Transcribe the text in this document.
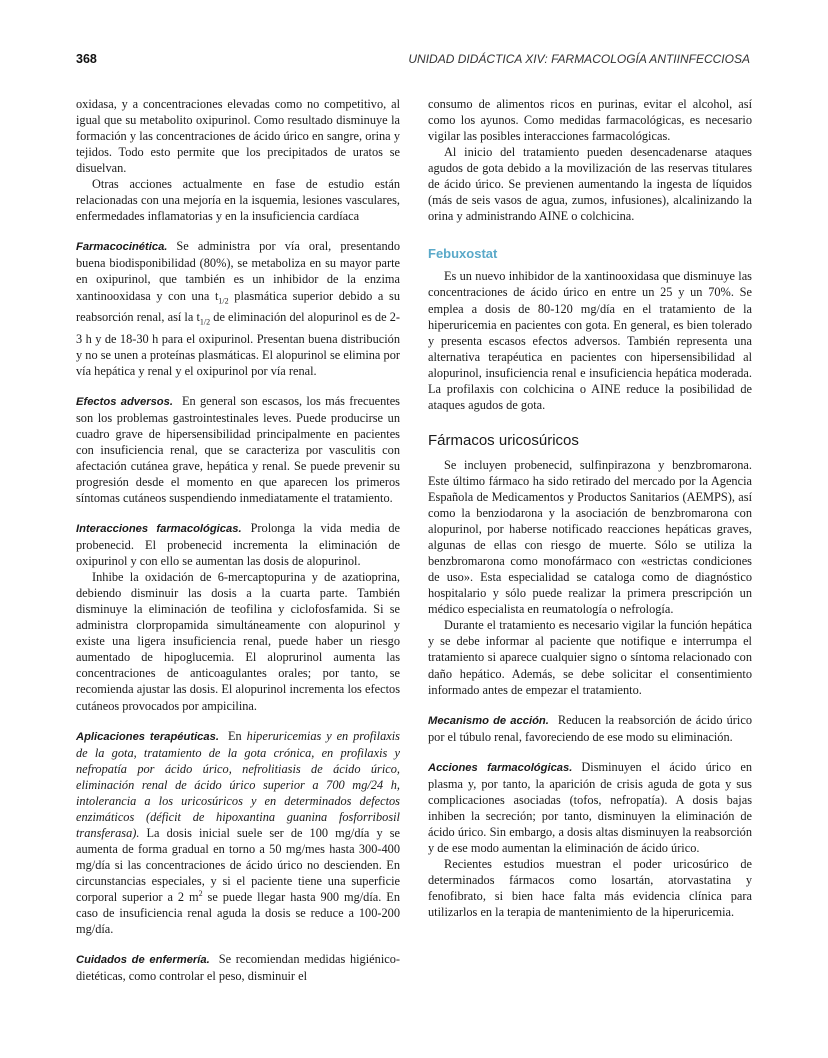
368	UNIDAD DIDÁCTICA XIV: FARMACOLOGÍA ANTIINFECCIOSA

oxidasa, y a concentraciones elevadas como no competitivo, al igual que su metabolito oxipurinol. Como resultado disminuye la formación y las concentraciones de ácido úrico en sangre, orina y tejidos. Todo esto permite que los precipitados de uratos se disuelvan.

Otras acciones actualmente en fase de estudio están relacionadas con una mejoría en la isquemia, lesiones vasculares, enfermedades inflamatorias y en la insuficiencia cardíaca

Farmacocinética. Se administra por vía oral, presentando buena biodisponibilidad (80%), se metaboliza en su mayor parte en oxipurinol, que también es un inhibidor de la enzima xantinooxidasa y con una $t_{1/2}$ plasmática superior debido a su reabsorción renal, así la $t_{1/2}$ de eliminación del alopurinol es de 2-3 h y de 18-30 h para el oxipurinol. Presentan buena distribución y no se unen a proteínas plasmáticas. El alopurinol se elimina por vía hepática y renal y el oxipurinol por vía renal.

Efectos adversos. En general son escasos, los más frecuentes son los problemas gastrointestinales leves. Puede producirse un cuadro grave de hipersensibilidad principalmente en pacientes con insuficiencia renal, que se caracteriza por vasculitis con afectación cutánea grave, hepática y renal. Se puede prevenir su progresión desde el momento en que aparecen los primeros síntomas cutáneos suspendiendo inmediatamente el tratamiento.

Interacciones farmacológicas. Prolonga la vida media de probenecid. El probenecid incrementa la eliminación de oxipurinol y con ello se aumentan las dosis de alopurinol.

Inhibe la oxidación de 6-mercaptopurina y de azatioprina, debiendo disminuir las dosis a la cuarta parte. También disminuye la eliminación de teofilina y ciclofosfamida. Si se administra clorpropamida simultáneamente con alopurinol y existe una ligera insuficiencia renal, puede haber un riesgo aumentado de hipoglucemia. El aloprurinol aumenta las concentraciones de anticoagulantes orales; por tanto, se recomienda ajustar las dosis. El alopurinol incrementa los efectos cutáneos provocados por ampicilina.

Aplicaciones terapéuticas. En hiperuricemias y en profilaxis de la gota, tratamiento de la gota crónica, en profilaxis y nefropatía por ácido úrico, nefrolitiasis de ácido úrico, eliminación renal de ácido úrico superior a 700 mg/24 h, intolerancia a los uricosúricos y en determinados defectos enzimáticos (déficit de hipoxantina guanina fosforribosil transferasa). La dosis inicial suele ser de 100 mg/día y se aumenta de forma gradual en torno a 50 mg/mes hasta 300-400 mg/día si las concentraciones de ácido úrico no descienden. En circunstancias especiales, y si el paciente tiene una superficie corporal superior a 2 $m^2$ se puede llegar hasta 900 mg/día. En caso de insuficiencia renal aguda la dosis se reduce a 100-200 mg/día.

Cuidados de enfermería. Se recomiendan medidas higiénico-dietéticas, como controlar el peso, disminuir el

consumo de alimentos ricos en purinas, evitar el alcohol, así como los ayunos. Como medidas farmacológicas, es necesario vigilar las posibles interacciones farmacológicas.

Al inicio del tratamiento pueden desencadenarse ataques agudos de gota debido a la movilización de las reservas titulares de ácido úrico. Se previenen aumentando la ingesta de líquidos (más de seis vasos de agua, zumos, infusiones), alcalinizando la orina y administrando AINE o colchicina.

Febuxostat

Es un nuevo inhibidor de la xantinooxidasa que disminuye las concentraciones de ácido úrico en entre un 25 y un 70%. Se emplea a dosis de 80-120 mg/día en el tratamiento de la hiperuricemia en pacientes con gota. En general, es bien tolerado y presenta escasos efectos adversos. También representa una alternativa terapéutica en pacientes con hipersensibilidad al alopurinol, insuficiencia renal e insuficiencia hepática moderada. La profilaxis con colchicina o AINE reduce la posibilidad de ataques agudos de gota.

Fármacos uricosúricos

Se incluyen probenecid, sulfinpirazona y benzbromarona. Este último fármaco ha sido retirado del mercado por la Agencia Española de Medicamentos y Productos Sanitarios (AEMPS), así como la benziodarona y la asociación de benzbromarona con alopurinol, por haberse notificado reacciones hepáticas graves, algunas de ellas con riesgo de muerte. Sólo se utiliza la benzbromarona como monofármaco con «estrictas condiciones de uso». Esta especialidad se cataloga como de diagnóstico hospitalario y sólo puede realizar la primera prescripción un médico especialista en reumatología o nefrología.

Durante el tratamiento es necesario vigilar la función hepática y se debe informar al paciente que notifique e interrumpa el tratamiento si aparece cualquier signo o síntoma relacionado con daño hepático. Además, se debe solicitar el consentimiento informado antes de empezar el tratamiento.

Mecanismo de acción. Reducen la reabsorción de ácido úrico por el túbulo renal, favoreciendo de ese modo su eliminación.

Acciones farmacológicas. Disminuyen el ácido úrico en plasma y, por tanto, la aparición de crisis aguda de gota y sus complicaciones asociadas (tofos, nefropatía). A dosis bajas inhiben la secreción; por tanto, disminuyen la eliminación de ácido úrico. Sin embargo, a dosis altas disminuyen la reabsorción y de ese modo aumentan la eliminación de ácido úrico.

Recientes estudios muestran el poder uricosúrico de determinados fármacos como losartán, atorvastatina y fenofibrato, si bien hace falta más evidencia clínica para utilizarlos en la terapia de mantenimiento de la hiperuricemia.
